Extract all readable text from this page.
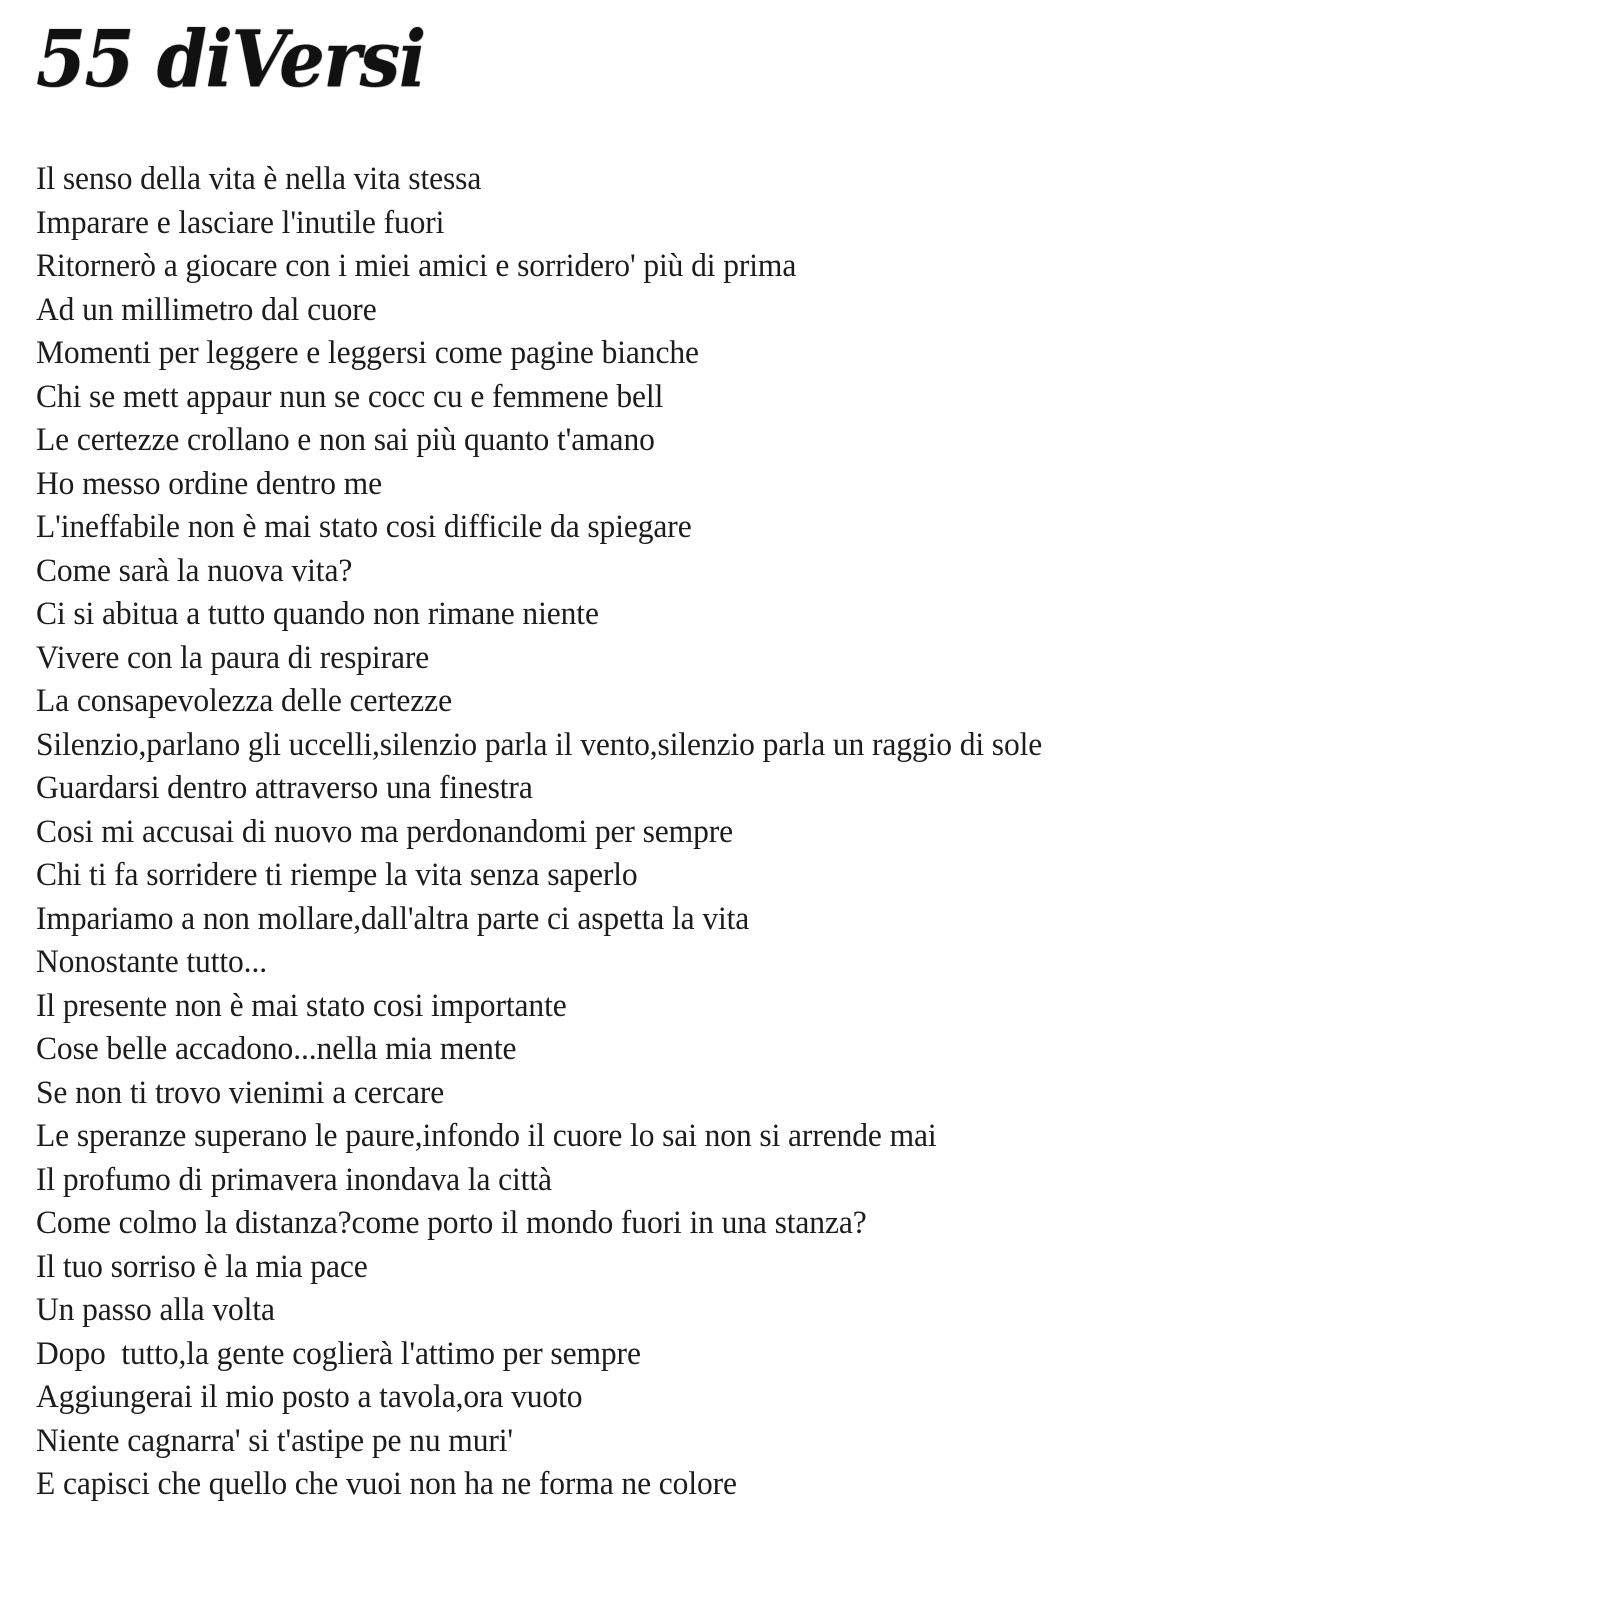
55 diVersi
Il senso della vita è nella vita stessa
Imparare e lasciare l'inutile fuori
Ritornerò a giocare con i miei amici e sorridero' più di prima
Ad un millimetro dal cuore
Momenti per leggere e leggersi come pagine bianche
Chi se mett appaur nun se cocc cu e femmene bell
Le certezze crollano e non sai più quanto t'amano
Ho messo ordine dentro me
L'ineffabile non è mai stato cosi difficile da spiegare
Come sarà la nuova vita?
Ci si abitua a tutto quando non rimane niente
Vivere con la paura di respirare
La consapevolezza delle certezze
Silenzio,parlano gli uccelli,silenzio parla il vento,silenzio parla un raggio di sole
Guardarsi dentro attraverso una finestra
Cosi mi accusai di nuovo ma perdonandomi per sempre
Chi ti fa sorridere ti riempe la vita senza saperlo
Impariamo a non mollare,dall'altra parte ci aspetta la vita
Nonostante tutto...
Il presente non è mai stato cosi importante
Cose belle accadono...nella mia mente
Se non ti trovo vienimi a cercare
Le speranze superano le paure,infondo il cuore lo sai non si arrende mai
Il profumo di primavera inondava la città
Come colmo la distanza?come porto il mondo fuori in una stanza?
Il tuo sorriso è la mia pace
Un passo alla volta
Dopo  tutto,la gente coglierà l'attimo per sempre
Aggiungerai il mio posto a tavola,ora vuoto
Niente cagnarra' si t'astipe pe nu muri'
E capisci che quello che vuoi non ha ne forma ne colore
